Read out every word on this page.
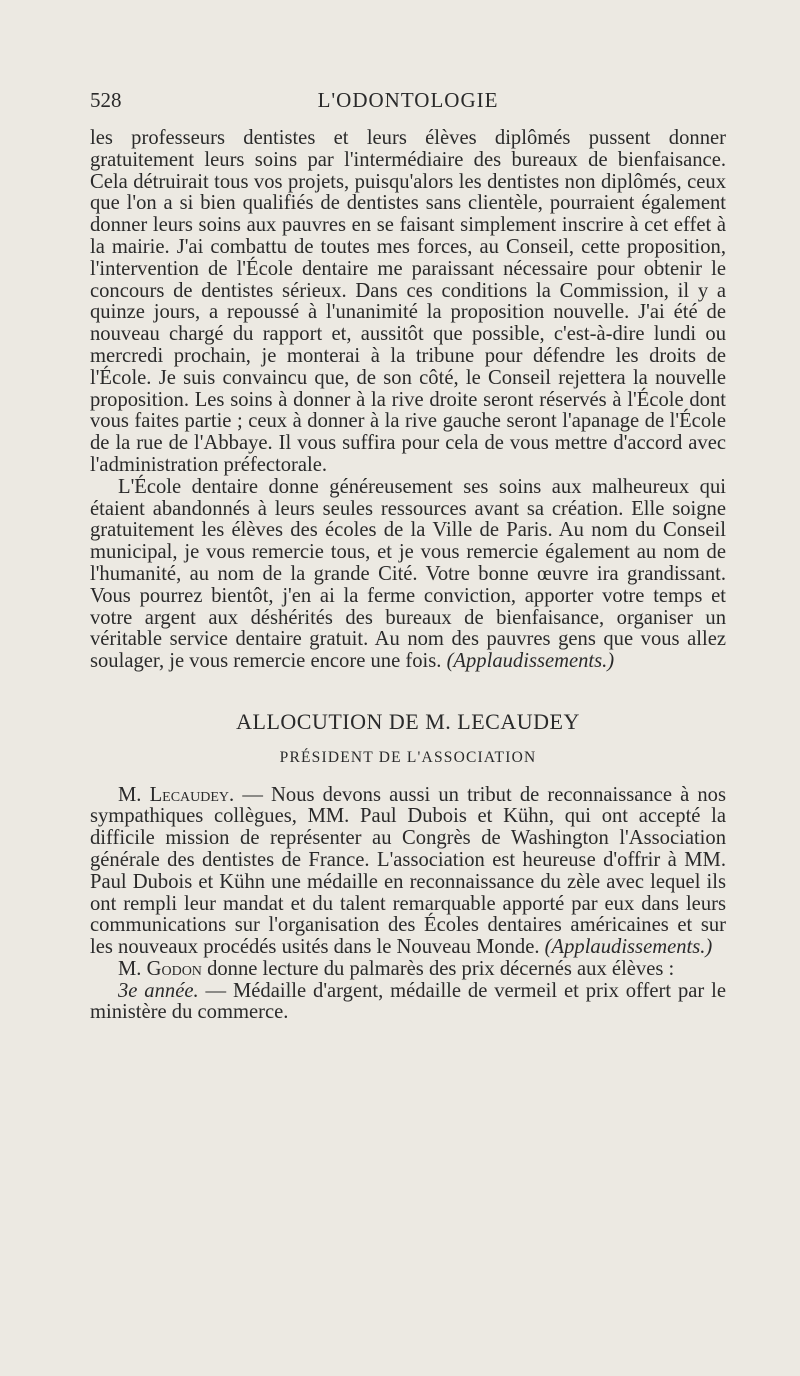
528	L'ODONTOLOGIE

les professeurs dentistes et leurs élèves diplômés pussent donner gratuitement leurs soins par l'intermédiaire des bureaux de bienfaisance. Cela détruirait tous vos projets, puisqu'alors les dentistes non diplômés, ceux que l'on a si bien qualifiés de dentistes sans clientèle, pourraient également donner leurs soins aux pauvres en se faisant simplement inscrire à cet effet à la mairie. J'ai combattu de toutes mes forces, au Conseil, cette proposition, l'intervention de l'École dentaire me paraissant nécessaire pour obtenir le concours de dentistes sérieux. Dans ces conditions la Commission, il y a quinze jours, a repoussé à l'unanimité la proposition nouvelle. J'ai été de nouveau chargé du rapport et, aussitôt que possible, c'est-à-dire lundi ou mercredi prochain, je monterai à la tribune pour défendre les droits de l'École. Je suis convaincu que, de son côté, le Conseil rejettera la nouvelle proposition. Les soins à donner à la rive droite seront réservés à l'École dont vous faites partie ; ceux à donner à la rive gauche seront l'apanage de l'École de la rue de l'Abbaye. Il vous suffira pour cela de vous mettre d'accord avec l'administration préfectorale.

L'École dentaire donne généreusement ses soins aux malheureux qui étaient abandonnés à leurs seules ressources avant sa création. Elle soigne gratuitement les élèves des écoles de la Ville de Paris. Au nom du Conseil municipal, je vous remercie tous, et je vous remercie également au nom de l'humanité, au nom de la grande Cité. Votre bonne œuvre ira grandissant. Vous pourrez bientôt, j'en ai la ferme conviction, apporter votre temps et votre argent aux déshérités des bureaux de bienfaisance, organiser un véritable service dentaire gratuit. Au nom des pauvres gens que vous allez soulager, je vous remercie encore une fois. (Applaudissements.)

ALLOCUTION DE M. LECAUDEY
PRÉSIDENT DE L'ASSOCIATION

M. Lecaudey. — Nous devons aussi un tribut de reconnaissance à nos sympathiques collègues, MM. Paul Dubois et Kühn, qui ont accepté la difficile mission de représenter au Congrès de Washington l'Association générale des dentistes de France. L'association est heureuse d'offrir à MM. Paul Dubois et Kühn une médaille en reconnaissance du zèle avec lequel ils ont rempli leur mandat et du talent remarquable apporté par eux dans leurs communications sur l'organisation des Écoles dentaires américaines et sur les nouveaux procédés usités dans le Nouveau Monde. (Applaudissements.)

M. Godon donne lecture du palmarès des prix décernés aux élèves :

3e année. — Médaille d'argent, médaille de vermeil et prix offert par le ministère du commerce.
